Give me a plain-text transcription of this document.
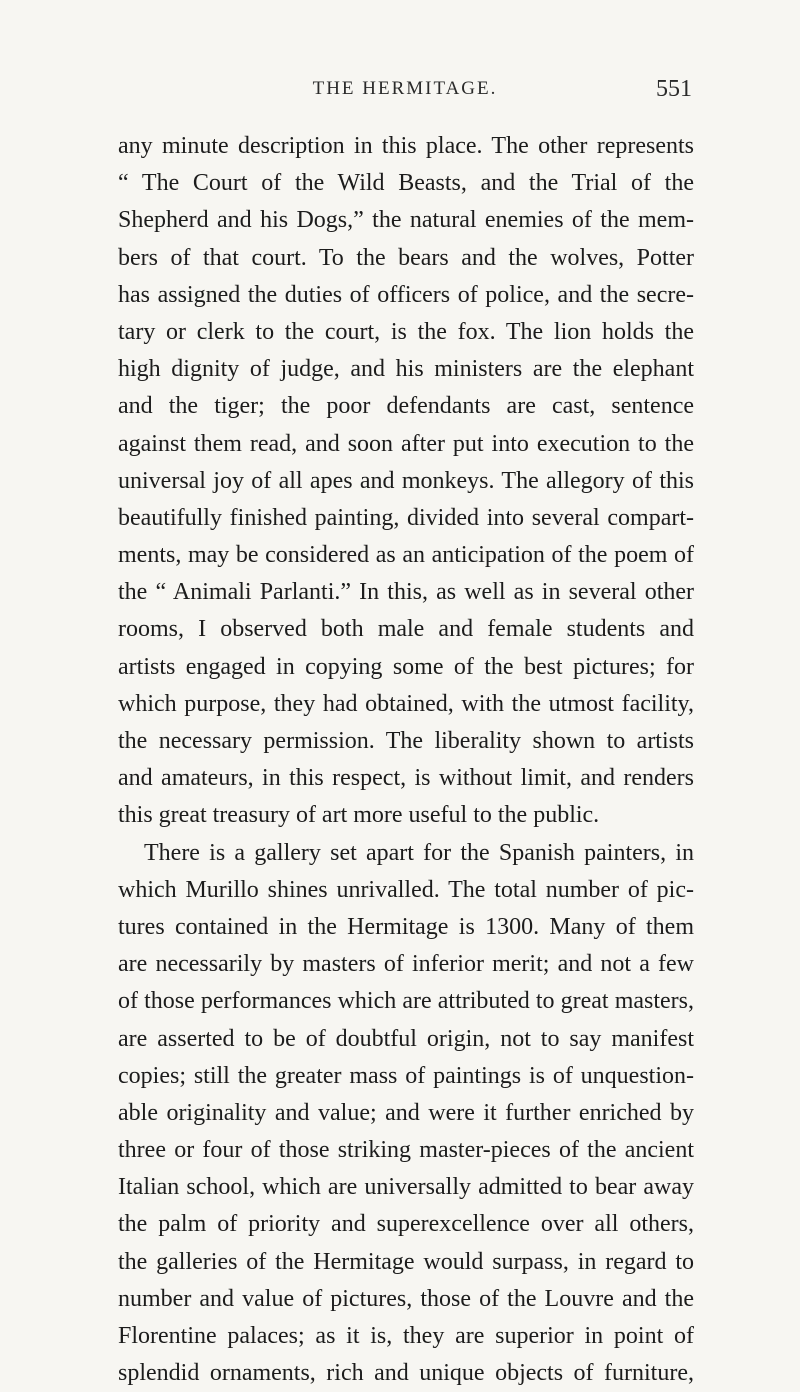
THE HERMITAGE.	551
any minute description in this place. The other represents
“ The Court of the Wild Beasts, and the Trial of the
Shepherd and his Dogs,” the natural enemies of the mem-
bers of that court. To the bears and the wolves, Potter
has assigned the duties of officers of police, and the secre-
tary or clerk to the court, is the fox. The lion holds the
high dignity of judge, and his ministers are the elephant
and the tiger; the poor defendants are cast, sentence
against them read, and soon after put into execution to the
universal joy of all apes and monkeys. The allegory of this
beautifully finished painting, divided into several compart-
ments, may be considered as an anticipation of the poem of
the “ Animali Parlanti.” In this, as well as in several other
rooms, I observed both male and female students and
artists engaged in copying some of the best pictures; for
which purpose, they had obtained, with the utmost facility,
the necessary permission. The liberality shown to artists
and amateurs, in this respect, is without limit, and renders
this great treasury of art more useful to the public.
There is a gallery set apart for the Spanish painters, in
which Murillo shines unrivalled. The total number of pic-
tures contained in the Hermitage is 1300. Many of them
are necessarily by masters of inferior merit; and not a few
of those performances which are attributed to great masters,
are asserted to be of doubtful origin, not to say manifest
copies; still the greater mass of paintings is of unquestion-
able originality and value; and were it further enriched by
three or four of those striking master-pieces of the ancient
Italian school, which are universally admitted to bear away
the palm of priority and superexcellence over all others,
the galleries of the Hermitage would surpass, in regard to
number and value of pictures, those of the Louvre and the
Florentine palaces; as it is, they are superior in point of
splendid ornaments, rich and unique objects of furniture,
